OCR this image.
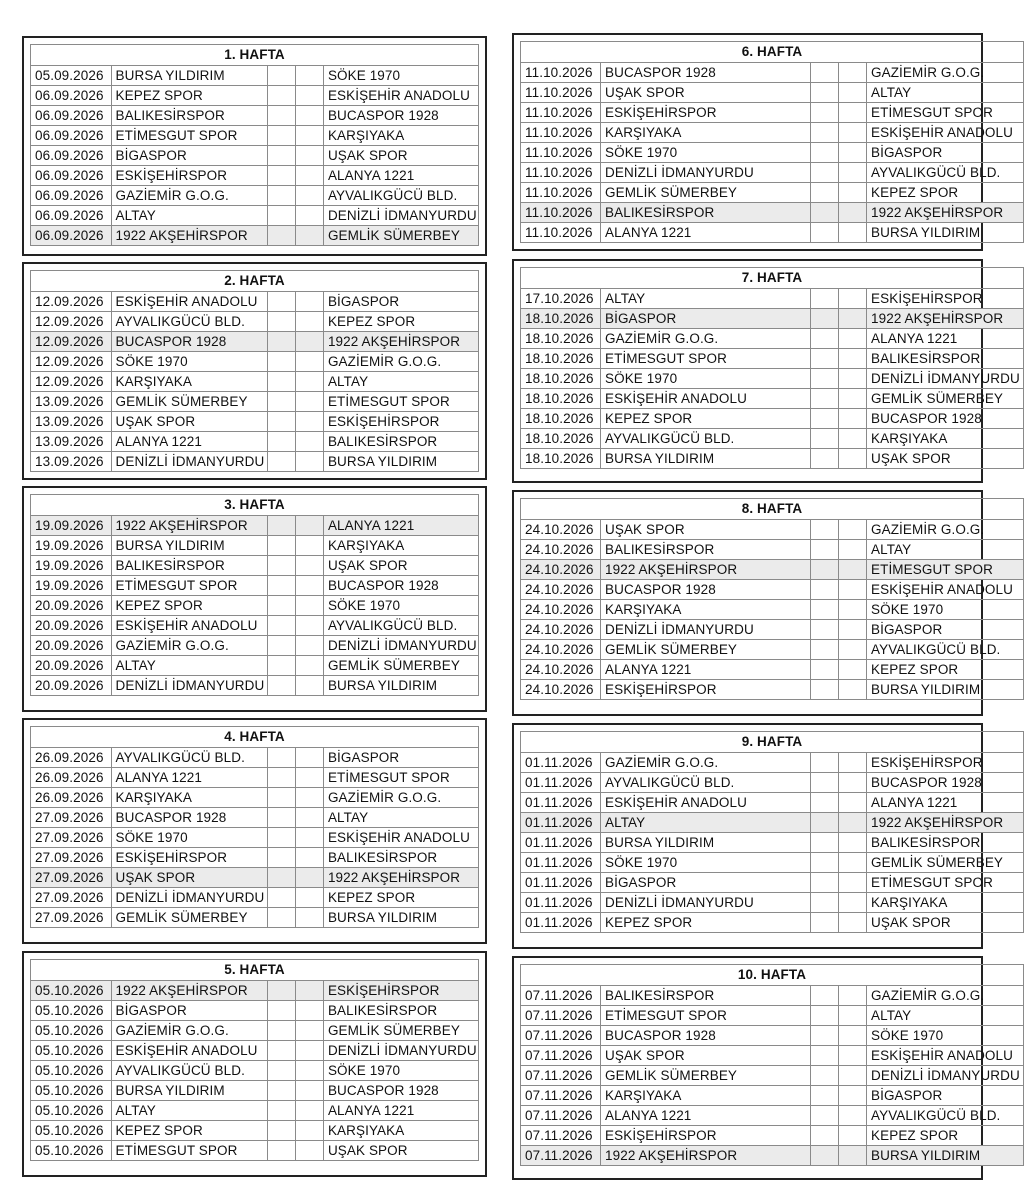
1. HAFTA				
05.09.2026	BURSA YILDIRIM			SÖKE 1970
06.09.2026	KEPEZ SPOR			ESKİŞEHİR ANADOLU
06.09.2026	BALIKESİRSPOR			BUCASPOR 1928
06.09.2026	ETİMESGUT SPOR			KARŞIYAKA
06.09.2026	BİGASPOR			UŞAK SPOR
06.09.2026	ESKİŞEHİRSPOR			ALANYA 1221
06.09.2026	GAZİEMİR G.O.G.			AYVALIKGÜCÜ BLD.
06.09.2026	ALTAY			DENİZLİ İDMANYURDU
06.09.2026	1922 AKŞEHİRSPOR			GEMLİK SÜMERBEY
2. HAFTA				
12.09.2026	ESKİŞEHİR ANADOLU			BİGASPOR
12.09.2026	AYVALIKGÜCÜ BLD.			KEPEZ SPOR
12.09.2026	BUCASPOR 1928			1922 AKŞEHİRSPOR
12.09.2026	SÖKE 1970			GAZİEMİR G.O.G.
12.09.2026	KARŞIYAKA			ALTAY
13.09.2026	GEMLİK SÜMERBEY			ETİMESGUT SPOR
13.09.2026	UŞAK SPOR			ESKİŞEHİRSPOR
13.09.2026	ALANYA 1221			BALIKESİRSPOR
13.09.2026	DENİZLİ İDMANYURDU			BURSA YILDIRIM
3. HAFTA				
19.09.2026	1922 AKŞEHİRSPOR			ALANYA 1221
19.09.2026	BURSA YILDIRIM			KARŞIYAKA
19.09.2026	BALIKESİRSPOR			UŞAK SPOR
19.09.2026	ETİMESGUT SPOR			BUCASPOR 1928
20.09.2026	KEPEZ SPOR			SÖKE 1970
20.09.2026	ESKİŞEHİR ANADOLU			AYVALIKGÜCÜ BLD.
20.09.2026	GAZİEMİR G.O.G.			DENİZLİ İDMANYURDU
20.09.2026	ALTAY			GEMLİK SÜMERBEY
20.09.2026	DENİZLİ İDMANYURDU			BURSA YILDIRIM
4. HAFTA				
26.09.2026	AYVALIKGÜCÜ BLD.			BİGASPOR
26.09.2026	ALANYA 1221			ETİMESGUT SPOR
26.09.2026	KARŞIYAKA			GAZİEMİR G.O.G.
27.09.2026	BUCASPOR 1928			ALTAY
27.09.2026	SÖKE 1970			ESKİŞEHİR ANADOLU
27.09.2026	ESKİŞEHİRSPOR			BALIKESİRSPOR
27.09.2026	UŞAK SPOR			1922 AKŞEHİRSPOR
27.09.2026	DENİZLİ İDMANYURDU			KEPEZ SPOR
27.09.2026	GEMLİK SÜMERBEY			BURSA YILDIRIM
5. HAFTA				
05.10.2026	1922 AKŞEHİRSPOR			ESKİŞEHİRSPOR
05.10.2026	BİGASPOR			BALIKESİRSPOR
05.10.2026	GAZİEMİR G.O.G.			GEMLİK SÜMERBEY
05.10.2026	ESKİŞEHİR ANADOLU			DENİZLİ İDMANYURDU
05.10.2026	AYVALIKGÜCÜ BLD.			SÖKE 1970
05.10.2026	BURSA YILDIRIM			BUCASPOR 1928
05.10.2026	ALTAY			ALANYA 1221
05.10.2026	KEPEZ SPOR			KARŞIYAKA
05.10.2026	ETİMESGUT SPOR			UŞAK SPOR
6. HAFTA				
11.10.2026	BUCASPOR 1928			GAZİEMİR G.O.G.
11.10.2026	UŞAK SPOR			ALTAY
11.10.2026	ESKİŞEHİRSPOR			ETİMESGUT SPOR
11.10.2026	KARŞIYAKA			ESKİŞEHİR ANADOLU
11.10.2026	SÖKE 1970			BİGASPOR
11.10.2026	DENİZLİ İDMANYURDU			AYVALIKGÜCÜ BLD.
11.10.2026	GEMLİK SÜMERBEY			KEPEZ SPOR
11.10.2026	BALIKESİRSPOR			1922 AKŞEHİRSPOR
11.10.2026	ALANYA 1221			BURSA YILDIRIM
7. HAFTA				
17.10.2026	ALTAY			ESKİŞEHİRSPOR
18.10.2026	BİGASPOR			1922 AKŞEHİRSPOR
18.10.2026	GAZİEMİR G.O.G.			ALANYA 1221
18.10.2026	ETİMESGUT SPOR			BALIKESİRSPOR
18.10.2026	SÖKE 1970			DENİZLİ İDMANYURDU
18.10.2026	ESKİŞEHİR ANADOLU			GEMLİK SÜMERBEY
18.10.2026	KEPEZ SPOR			BUCASPOR 1928
18.10.2026	AYVALIKGÜCÜ BLD.			KARŞIYAKA
18.10.2026	BURSA YILDIRIM			UŞAK SPOR
8. HAFTA				
24.10.2026	UŞAK SPOR			GAZİEMİR G.O.G.
24.10.2026	BALIKESİRSPOR			ALTAY
24.10.2026	1922 AKŞEHİRSPOR			ETİMESGUT SPOR
24.10.2026	BUCASPOR 1928			ESKİŞEHİR ANADOLU
24.10.2026	KARŞIYAKA			SÖKE 1970
24.10.2026	DENİZLİ İDMANYURDU			BİGASPOR
24.10.2026	GEMLİK SÜMERBEY			AYVALIKGÜCÜ BLD.
24.10.2026	ALANYA 1221			KEPEZ SPOR
24.10.2026	ESKİŞEHİRSPOR			BURSA YILDIRIM
9. HAFTA				
01.11.2026	GAZİEMİR G.O.G.			ESKİŞEHİRSPOR
01.11.2026	AYVALIKGÜCÜ BLD.			BUCASPOR 1928
01.11.2026	ESKİŞEHİR ANADOLU			ALANYA 1221
01.11.2026	ALTAY			1922 AKŞEHİRSPOR
01.11.2026	BURSA YILDIRIM			BALIKESİRSPOR
01.11.2026	SÖKE 1970			GEMLİK SÜMERBEY
01.11.2026	BİGASPOR			ETİMESGUT SPOR
01.11.2026	DENİZLİ İDMANYURDU			KARŞIYAKA
01.11.2026	KEPEZ SPOR			UŞAK SPOR
10. HAFTA				
07.11.2026	BALIKESİRSPOR			GAZİEMİR G.O.G.
07.11.2026	ETİMESGUT SPOR			ALTAY
07.11.2026	BUCASPOR 1928			SÖKE 1970
07.11.2026	UŞAK SPOR			ESKİŞEHİR ANADOLU
07.11.2026	GEMLİK SÜMERBEY			DENİZLİ İDMANYURDU
07.11.2026	KARŞIYAKA			BİGASPOR
07.11.2026	ALANYA 1221			AYVALIKGÜCÜ BLD.
07.11.2026	ESKİŞEHİRSPOR			KEPEZ SPOR
07.11.2026	1922 AKŞEHİRSPOR			BURSA YILDIRIM
